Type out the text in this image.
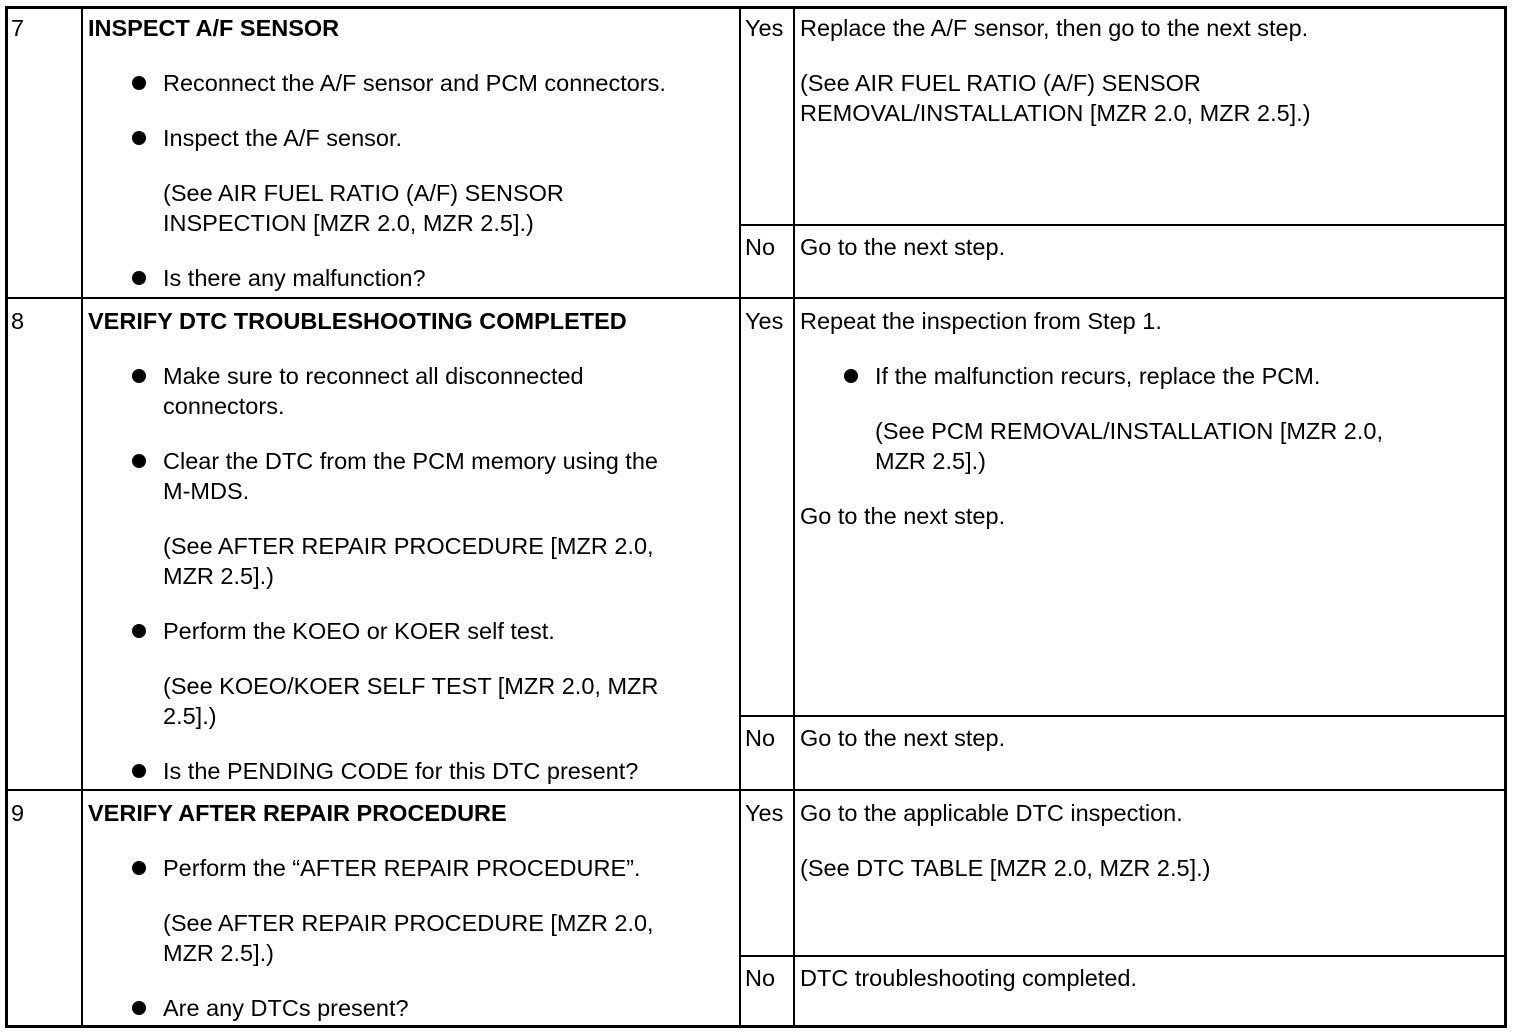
7	INSPECT A/F SENSOR
Reconnect the A/F sensor and PCM connectors.
Inspect the A/F sensor.
(See AIR FUEL RATIO (A/F) SENSOR
INSPECTION [MZR 2.0, MZR 2.5].)
Is there any malfunction?
Yes Replace the A/F sensor, then go to the next step.
(See AIR FUEL RATIO (A/F) SENSOR
REMOVAL/INSTALLATION [MZR 2.0, MZR 2.5].)
No Go to the next step.
8	VERIFY DTC TROUBLESHOOTING COMPLETED
Make sure to reconnect all disconnected
connectors.
Clear the DTC from the PCM memory using the
M-MDS.
(See AFTER REPAIR PROCEDURE [MZR 2.0,
MZR 2.5].)
Perform the KOEO or KOER self test.
(See KOEO/KOER SELF TEST [MZR 2.0, MZR
2.5].)
Is the PENDING CODE for this DTC present?
Yes Repeat the inspection from Step 1.
If the malfunction recurs, replace the PCM.
(See PCM REMOVAL/INSTALLATION [MZR 2.0,
MZR 2.5].)
Go to the next step.
No Go to the next step.
9	VERIFY AFTER REPAIR PROCEDURE
Perform the “AFTER REPAIR PROCEDURE”.
(See AFTER REPAIR PROCEDURE [MZR 2.0,
MZR 2.5].)
Are any DTCs present?
Yes Go to the applicable DTC inspection.
(See DTC TABLE [MZR 2.0, MZR 2.5].)
No DTC troubleshooting completed.
